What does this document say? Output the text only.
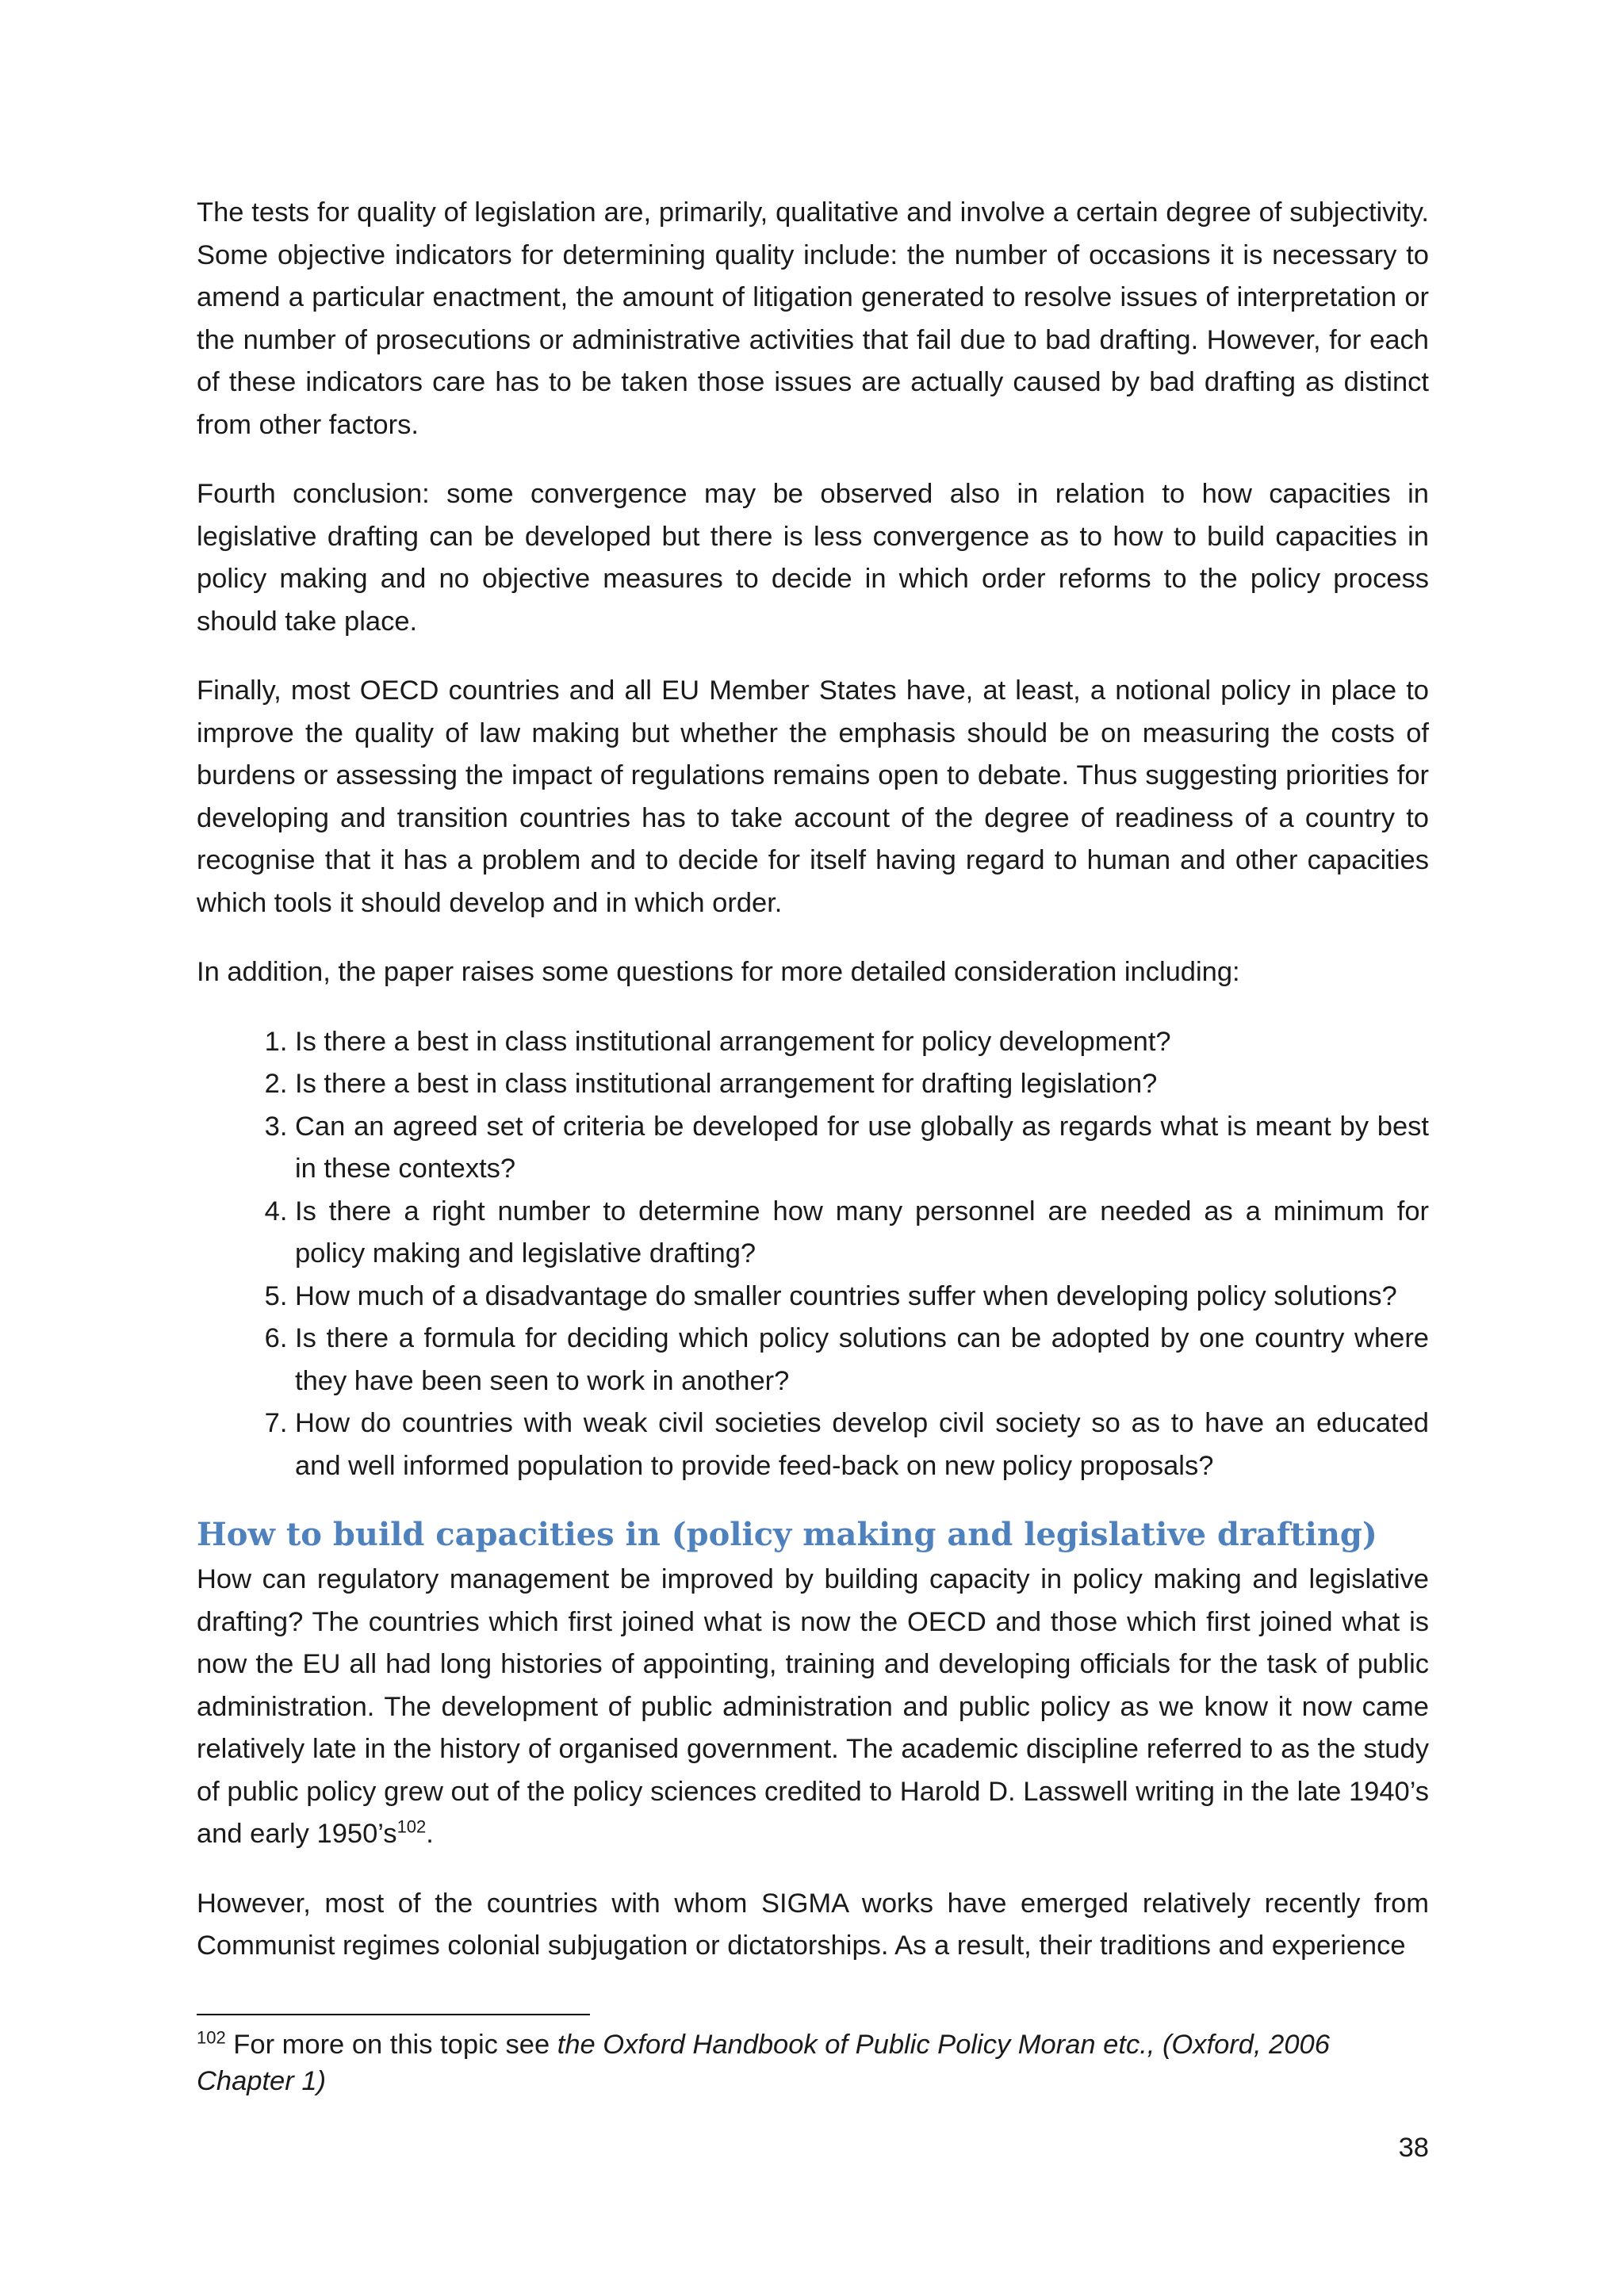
The tests for quality of legislation are, primarily, qualitative and involve a certain degree of subjectivity. Some objective indicators for determining quality include: the number of occasions it is necessary to amend a particular enactment, the amount of litigation generated to resolve issues of interpretation or the number of prosecutions or administrative activities that fail due to bad drafting. However, for each of these indicators care has to be taken those issues are actually caused by bad drafting as distinct from other factors.

Fourth conclusion: some convergence may be observed also in relation to how capacities in legislative drafting can be developed but there is less convergence as to how to build capacities in policy making and no objective measures to decide in which order reforms to the policy process should take place.

Finally, most OECD countries and all EU Member States have, at least, a notional policy in place to improve the quality of law making but whether the emphasis should be on measuring the costs of burdens or assessing the impact of regulations remains open to debate. Thus suggesting priorities for developing and transition countries has to take account of the degree of readiness of a country to recognise that it has a problem and to decide for itself having regard to human and other capacities which tools it should develop and in which order.

In addition, the paper raises some questions for more detailed consideration including:

1. Is there a best in class institutional arrangement for policy development?
2. Is there a best in class institutional arrangement for drafting legislation?
3. Can an agreed set of criteria be developed for use globally as regards what is meant by best in these contexts?
4. Is there a right number to determine how many personnel are needed as a minimum for policy making and legislative drafting?
5. How much of a disadvantage do smaller countries suffer when developing policy solutions?
6. Is there a formula for deciding which policy solutions can be adopted by one country where they have been seen to work in another?
7. How do countries with weak civil societies develop civil society so as to have an educated and well informed population to provide feed-back on new policy proposals?
How to build capacities in (policy making and legislative drafting)

How can regulatory management be improved by building capacity in policy making and legislative drafting? The countries which first joined what is now the OECD and those which first joined what is now the EU all had long histories of appointing, training and developing officials for the task of public administration. The development of public administration and public policy as we know it now came relatively late in the history of organised government. The academic discipline referred to as the study of public policy grew out of the policy sciences credited to Harold D. Lasswell writing in the late 1940’s and early 1950’s$^{102}$.

However, most of the countries with whom SIGMA works have emerged relatively recently from Communist regimes colonial subjugation or dictatorships. As a result, their traditions and experience

$^{102}$ For more on this topic see the Oxford Handbook of Public Policy Moran etc., (Oxford, 2006 Chapter 1)
38
